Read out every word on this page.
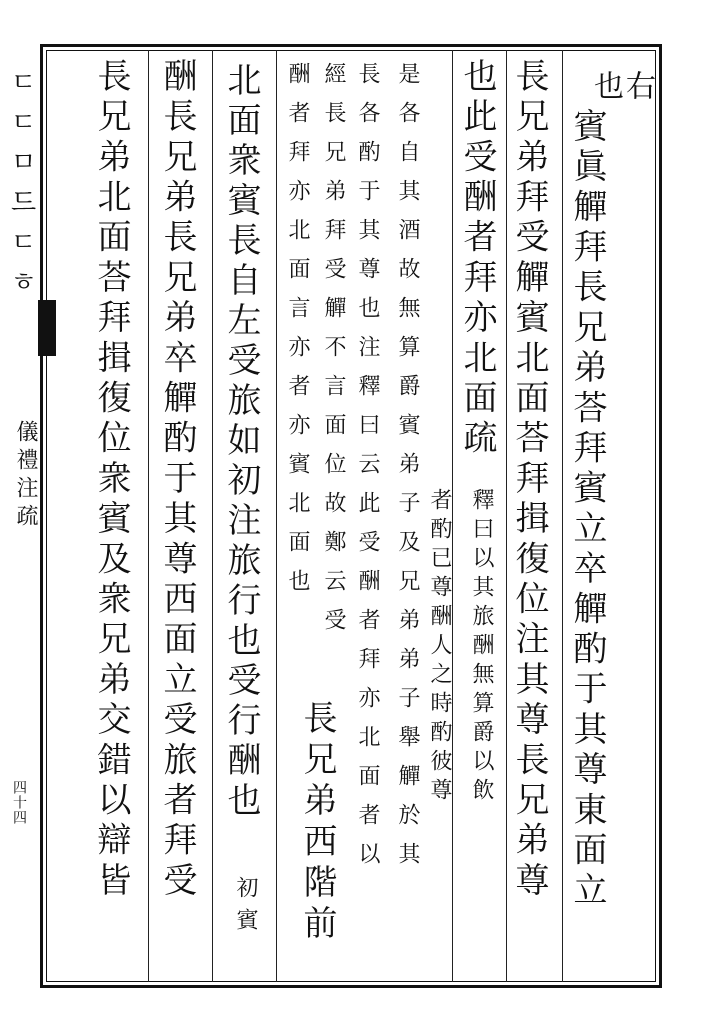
ㄷㄷㅁ드ㄷㅎ
儀禮注疏
四十四
右
也
賓眞觶拜長兄弟荅拜賓立卒觶酌于其尊東面立
長兄弟拜受觶賓北面荅拜揖復位注其尊長兄弟尊
也此受酬者拜亦北面疏
釋曰以其旅酬無算爵以飲
者酌已尊酬人之時酌彼尊
是各自其酒故無算爵賓弟子及兄弟弟子舉觶於其
長各酌于其尊也注釋曰云此受酬者拜亦北面者以
經長兄弟拜受觶不言面位故鄭云受
酬者拜亦北面言亦者亦賓北面也
長兄弟西階前
北面衆賓長自左受旅如初注旅行也受行酬也
初賓
酬長兄弟長兄弟卒觶酌于其尊西面立受旅者拜受
長兄弟北面荅拜揖復位衆賓及衆兄弟交錯以辯皆
